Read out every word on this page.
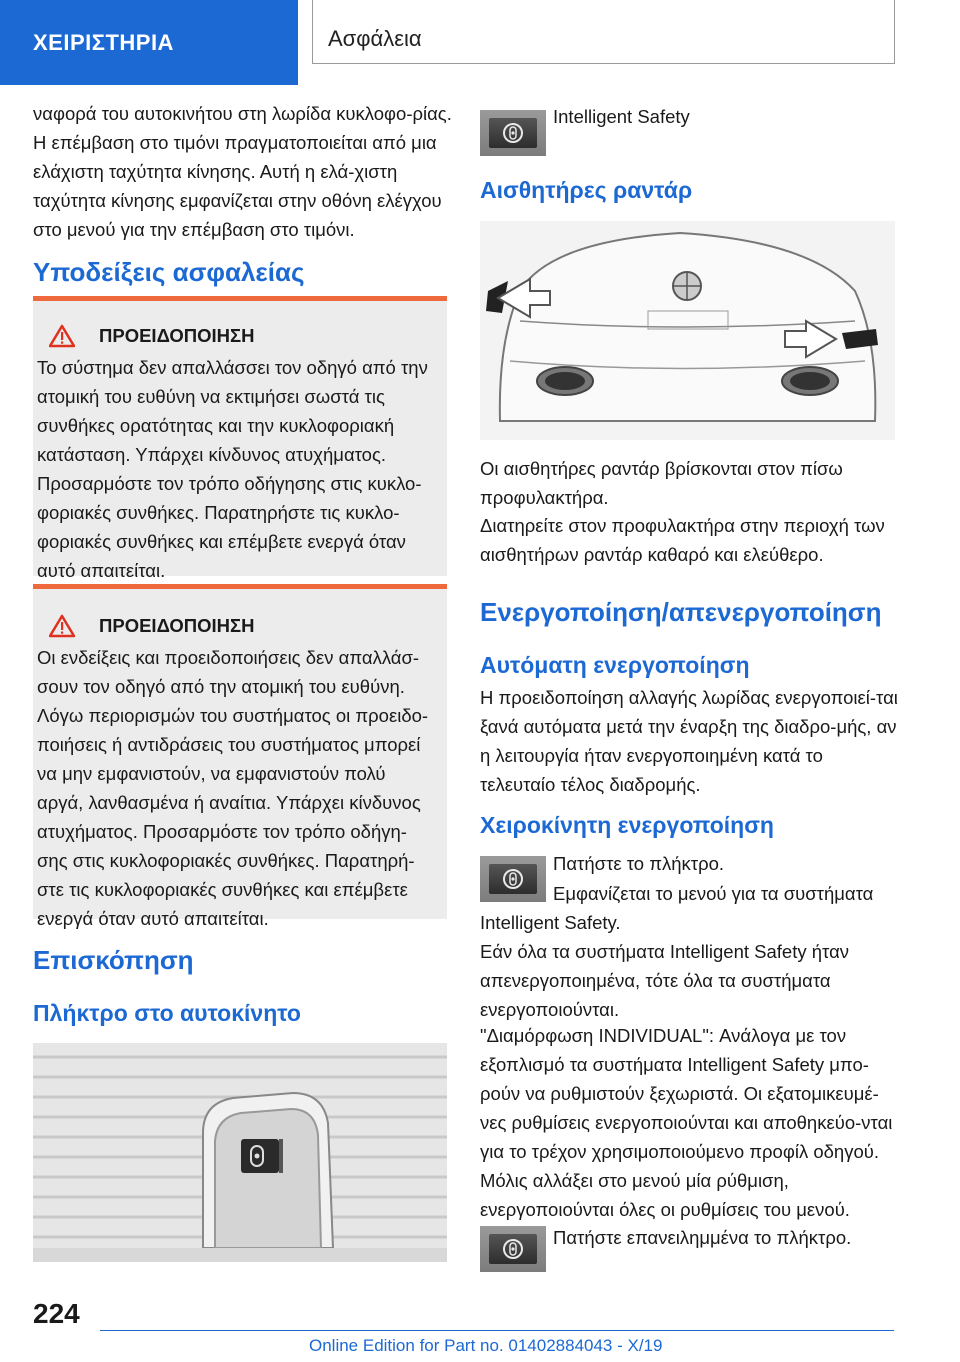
ΧΕΙΡΙΣΤΗΡΙΑ	Ασφάλεια

ναφορά του αυτοκινήτου στη λωρίδα κυκλοφο-ρίας. Η επέμβαση στο τιμόνι πραγματοποιείται από μια ελάχιστη ταχύτητα κίνησης. Αυτή η ελά-χιστη ταχύτητα κίνησης εμφανίζεται στην οθόνη ελέγχου στο μενού για την επέμβαση στο τιμόνι.

Υποδείξεις ασφαλείας
ΠΡΟΕΙΔΟΠΟΙΗΣΗ

Το σύστημα δεν απαλλάσσει τον οδηγό από την ατομική του ευθύνη να εκτιμήσει σωστά τις συνθήκες ορατότητας και την κυκλοφοριακή κατάσταση. Υπάρχει κίνδυνος ατυχήματος. Προσαρμόστε τον τρόπο οδήγησης στις κυκλο-φοριακές συνθήκες. Παρατηρήστε τις κυκλο-φοριακές συνθήκες και επέμβετε ενεργά όταν αυτό απαιτείται.

ΠΡΟΕΙΔΟΠΟΙΗΣΗ

Οι ενδείξεις και προειδοποιήσεις δεν απαλλάσ-σουν τον οδηγό από την ατομική του ευθύνη. Λόγω περιορισμών του συστήματος οι προειδο-ποιήσεις ή αντιδράσεις του συστήματος μπορεί να μην εμφανιστούν, να εμφανιστούν πολύ αργά, λανθασμένα ή αναίτια. Υπάρχει κίνδυνος ατυχήματος. Προσαρμόστε τον τρόπο οδήγη-σης στις κυκλοφοριακές συνθήκες. Παρατηρή-στε τις κυκλοφοριακές συνθήκες και επέμβετε ενεργά όταν αυτό απαιτείται.

Επισκόπηση
Πλήκτρο στο αυτοκίνητο
Intelligent Safety
Αισθητήρες ραντάρ

Οι αισθητήρες ραντάρ βρίσκονται στον πίσω προφυλακτήρα.

Διατηρείτε στον προφυλακτήρα στην περιοχή των αισθητήρων ραντάρ καθαρό και ελεύθερο.

Ενεργοποίηση/απενεργοποίηση
Αυτόματη ενεργοποίηση

Η προειδοποίηση αλλαγής λωρίδας ενεργοποιεί-ται ξανά αυτόματα μετά την έναρξη της διαδρο-μής, αν η λειτουργία ήταν ενεργοποιημένη κατά το τελευταίο τέλος διαδρομής.

Χειροκίνητη ενεργοποίηση
Πατήστε το πλήκτρο.

Εμφανίζεται το μενού για τα συστήματα Intelligent Safety.

Εάν όλα τα συστήματα Intelligent Safety ήταν απενεργοποιημένα, τότε όλα τα συστήματα ενεργοποιούνται.

"Διαμόρφωση INDIVIDUAL": Ανάλογα με τον εξοπλισμό τα συστήματα Intelligent Safety μπο-ρούν να ρυθμιστούν ξεχωριστά. Οι εξατομικευμέ-νες ρυθμίσεις ενεργοποιούνται και αποθηκεύο-νται για το τρέχον χρησιμοποιούμενο προφίλ οδηγού. Μόλις αλλάξει στο μενού μία ρύθμιση, ενεργοποιούνται όλες οι ρυθμίσεις του μενού.

Πατήστε επανειλημμένα το πλήκτρο.
224
Online Edition for Part no. 01402884043 - X/19
